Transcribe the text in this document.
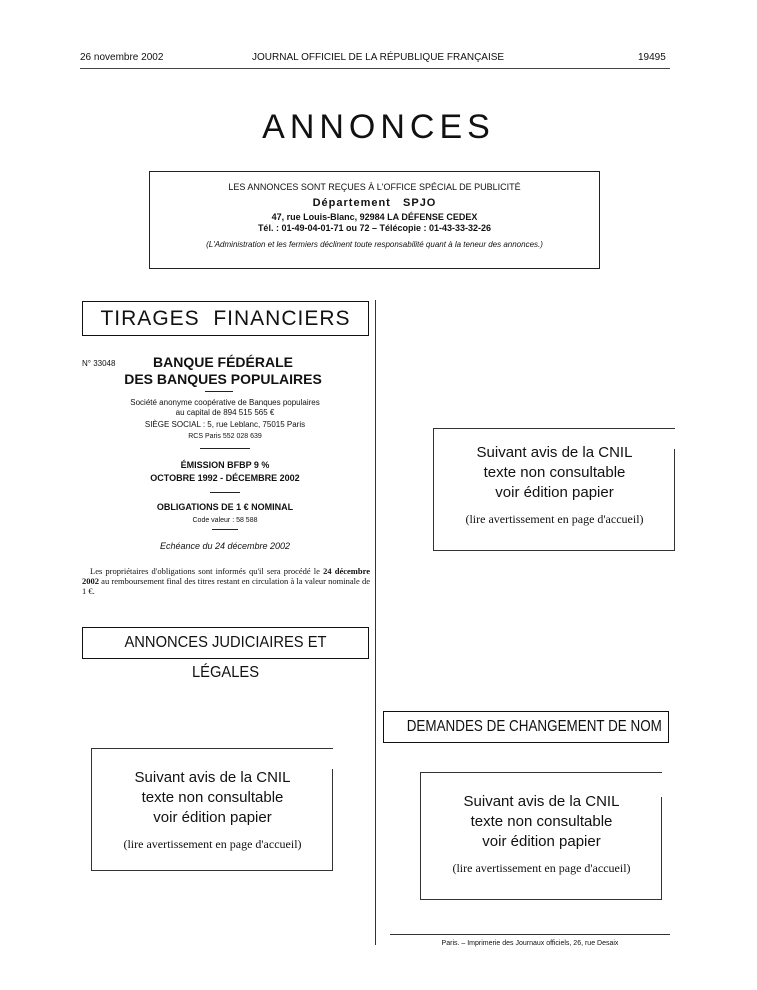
26 novembre 2002	JOURNAL OFFICIEL DE LA RÉPUBLIQUE FRANÇAISE	19495
ANNONCES
LES ANNONCES SONT REÇUES À L'OFFICE SPÉCIAL DE PUBLICITÉ
Département   SPJO
47, rue Louis-Blanc, 92984 LA DÉFENSE CEDEX
Tél. : 01-49-04-01-71 ou 72 – Télécopie : 01-43-33-32-26
(L'Administration et les fermiers déclinent toute responsabilité quant à la teneur des annonces.)
TIRAGES  FINANCIERS
N° 33048	BANQUE FÉDÉRALE
DES BANQUES POPULAIRES
Société anonyme coopérative de Banques populaires
au capital de 894 515 565 €
SIÈGE SOCIAL : 5, rue Leblanc, 75015 Paris
RCS Paris 552 028 639
ÉMISSION BFBP 9 %
OCTOBRE 1992 - DÉCEMBRE 2002
OBLIGATIONS DE 1 € NOMINAL
Code valeur : 58 588
Echéance du 24 décembre 2002
Les propriétaires d'obligations sont informés qu'il sera procédé le 24 décembre 2002 au remboursement final des titres restant en circulation à la valeur nominale de 1 €.
ANNONCES JUDICIAIRES ET LÉGALES
Suivant avis de la CNIL
texte non consultable
voir édition papier
(lire avertissement en page d'accueil)
Suivant avis de la CNIL
texte non consultable
voir édition papier
(lire avertissement en page d'accueil)
DEMANDES DE CHANGEMENT DE NOM
Suivant avis de la CNIL
texte non consultable
voir édition papier
(lire avertissement en page d'accueil)
Paris. – Imprimerie des Journaux officiels, 26, rue Desaix
